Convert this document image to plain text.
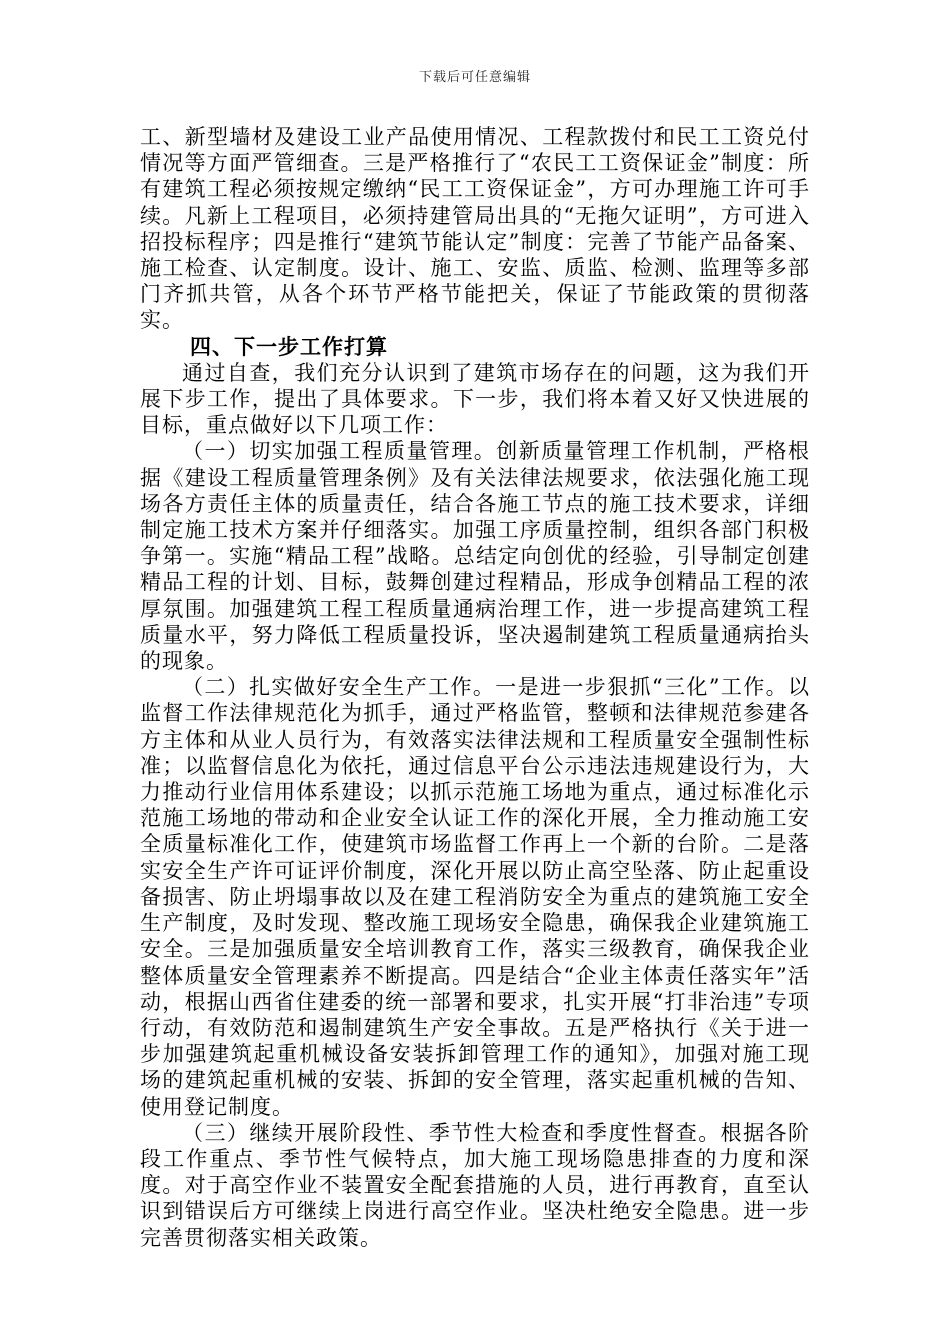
下载后可任意编辑

工、新型墙材及建设工业产品使用情况、工程款拨付和民工工资兑付情况等方面严管细查。三是严格推行了“农民工工资保证金”制度：所有建筑工程必须按规定缴纳“民工工资保证金”，方可办理施工许可手续。凡新上工程项目，必须持建管局出具的“无拖欠证明”，方可进入招投标程序；四是推行“建筑节能认定”制度：完善了节能产品备案、施工检查、认定制度。设计、施工、安监、质监、检测、监理等多部门齐抓共管，从各个环节严格节能把关，保证了节能政策的贯彻落实。

四、下一步工作打算

通过自查，我们充分认识到了建筑市场存在的问题，这为我们开展下步工作，提出了具体要求。下一步，我们将本着又好又快进展的目标，重点做好以下几项工作：

（一）切实加强工程质量管理。创新质量管理工作机制，严格根据《建设工程质量管理条例》及有关法律法规要求，依法强化施工现场各方责任主体的质量责任，结合各施工节点的施工技术要求，详细制定施工技术方案并仔细落实。加强工序质量控制，组织各部门积极争第一。实施“精品工程”战略。总结定向创优的经验，引导制定创建精品工程的计划、目标，鼓舞创建过程精品，形成争创精品工程的浓厚氛围。加强建筑工程工程质量通病治理工作，进一步提高建筑工程质量水平，努力降低工程质量投诉，坚决遏制建筑工程质量通病抬头的现象。

（二）扎实做好安全生产工作。一是进一步狠抓“三化”工作。以监督工作法律规范化为抓手，通过严格监管，整顿和法律规范参建各方主体和从业人员行为，有效落实法律法规和工程质量安全强制性标准；以监督信息化为依托，通过信息平台公示违法违规建设行为，大力推动行业信用体系建设；以抓示范施工场地为重点，通过标准化示范施工场地的带动和企业安全认证工作的深化开展，全力推动施工安全质量标准化工作，使建筑市场监督工作再上一个新的台阶。二是落实安全生产许可证评价制度，深化开展以防止高空坠落、防止起重设备损害、防止坍塌事故以及在建工程消防安全为重点的建筑施工安全生产制度，及时发现、整改施工现场安全隐患，确保我企业建筑施工安全。三是加强质量安全培训教育工作，落实三级教育，确保我企业整体质量安全管理素养不断提高。四是结合“企业主体责任落实年”活动，根据山西省住建委的统一部署和要求，扎实开展“打非治违”专项行动，有效防范和遏制建筑生产安全事故。五是严格执行《关于进一步加强建筑起重机械设备安装拆卸管理工作的通知》，加强对施工现场的建筑起重机械的安装、拆卸的安全管理，落实起重机械的告知、使用登记制度。

（三）继续开展阶段性、季节性大检查和季度性督查。根据各阶段工作重点、季节性气候特点，加大施工现场隐患排查的力度和深度。对于高空作业不装置安全配套措施的人员，进行再教育，直至认识到错误后方可继续上岗进行高空作业。坚决杜绝安全隐患。进一步完善贯彻落实相关政策。
